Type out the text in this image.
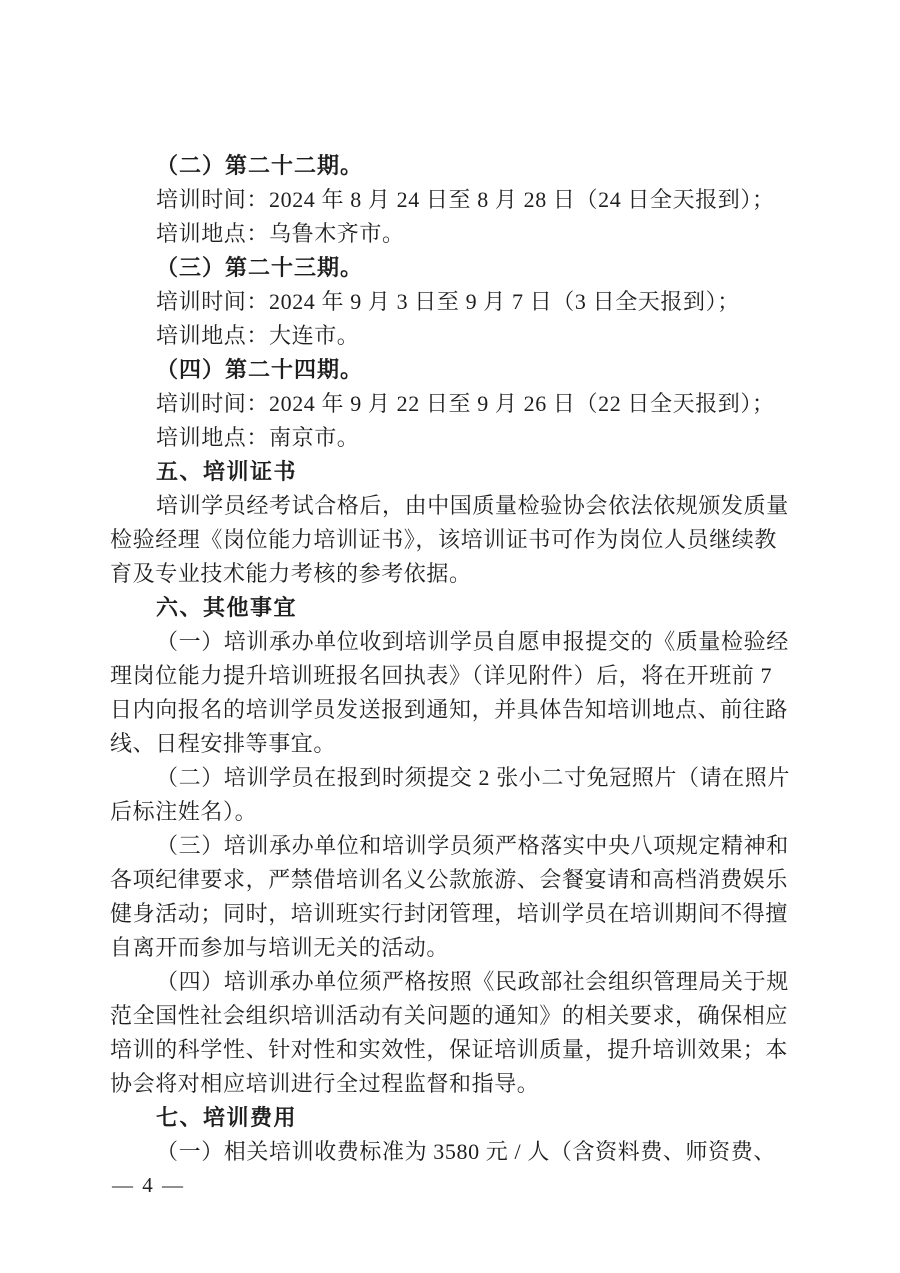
（二）第二十二期。
培训时间：2024 年 8 月 24 日至 8 月 28 日（24 日全天报到）；
培训地点：乌鲁木齐市。
（三）第二十三期。
培训时间：2024 年 9 月 3 日至 9 月 7 日（3 日全天报到）；
培训地点：大连市。
（四）第二十四期。
培训时间：2024 年 9 月 22 日至 9 月 26 日（22 日全天报到）；
培训地点：南京市。
五、培训证书
培训学员经考试合格后，由中国质量检验协会依法依规颁发质量
检验经理《岗位能力培训证书》，该培训证书可作为岗位人员继续教
育及专业技术能力考核的参考依据。
六、其他事宜
（一）培训承办单位收到培训学员自愿申报提交的《质量检验经
理岗位能力提升培训班报名回执表》（详见附件）后，将在开班前 7
日内向报名的培训学员发送报到通知，并具体告知培训地点、前往路
线、日程安排等事宜。
（二）培训学员在报到时须提交 2 张小二寸免冠照片（请在照片
后标注姓名）。
（三）培训承办单位和培训学员须严格落实中央八项规定精神和
各项纪律要求，严禁借培训名义公款旅游、会餐宴请和高档消费娱乐
健身活动；同时，培训班实行封闭管理，培训学员在培训期间不得擅
自离开而参加与培训无关的活动。
（四）培训承办单位须严格按照《民政部社会组织管理局关于规
范全国性社会组织培训活动有关问题的通知》的相关要求，确保相应
培训的科学性、针对性和实效性，保证培训质量，提升培训效果；本
协会将对相应培训进行全过程监督和指导。
七、培训费用
（一）相关培训收费标准为 3580 元 / 人（含资料费、师资费、
— 4 —
